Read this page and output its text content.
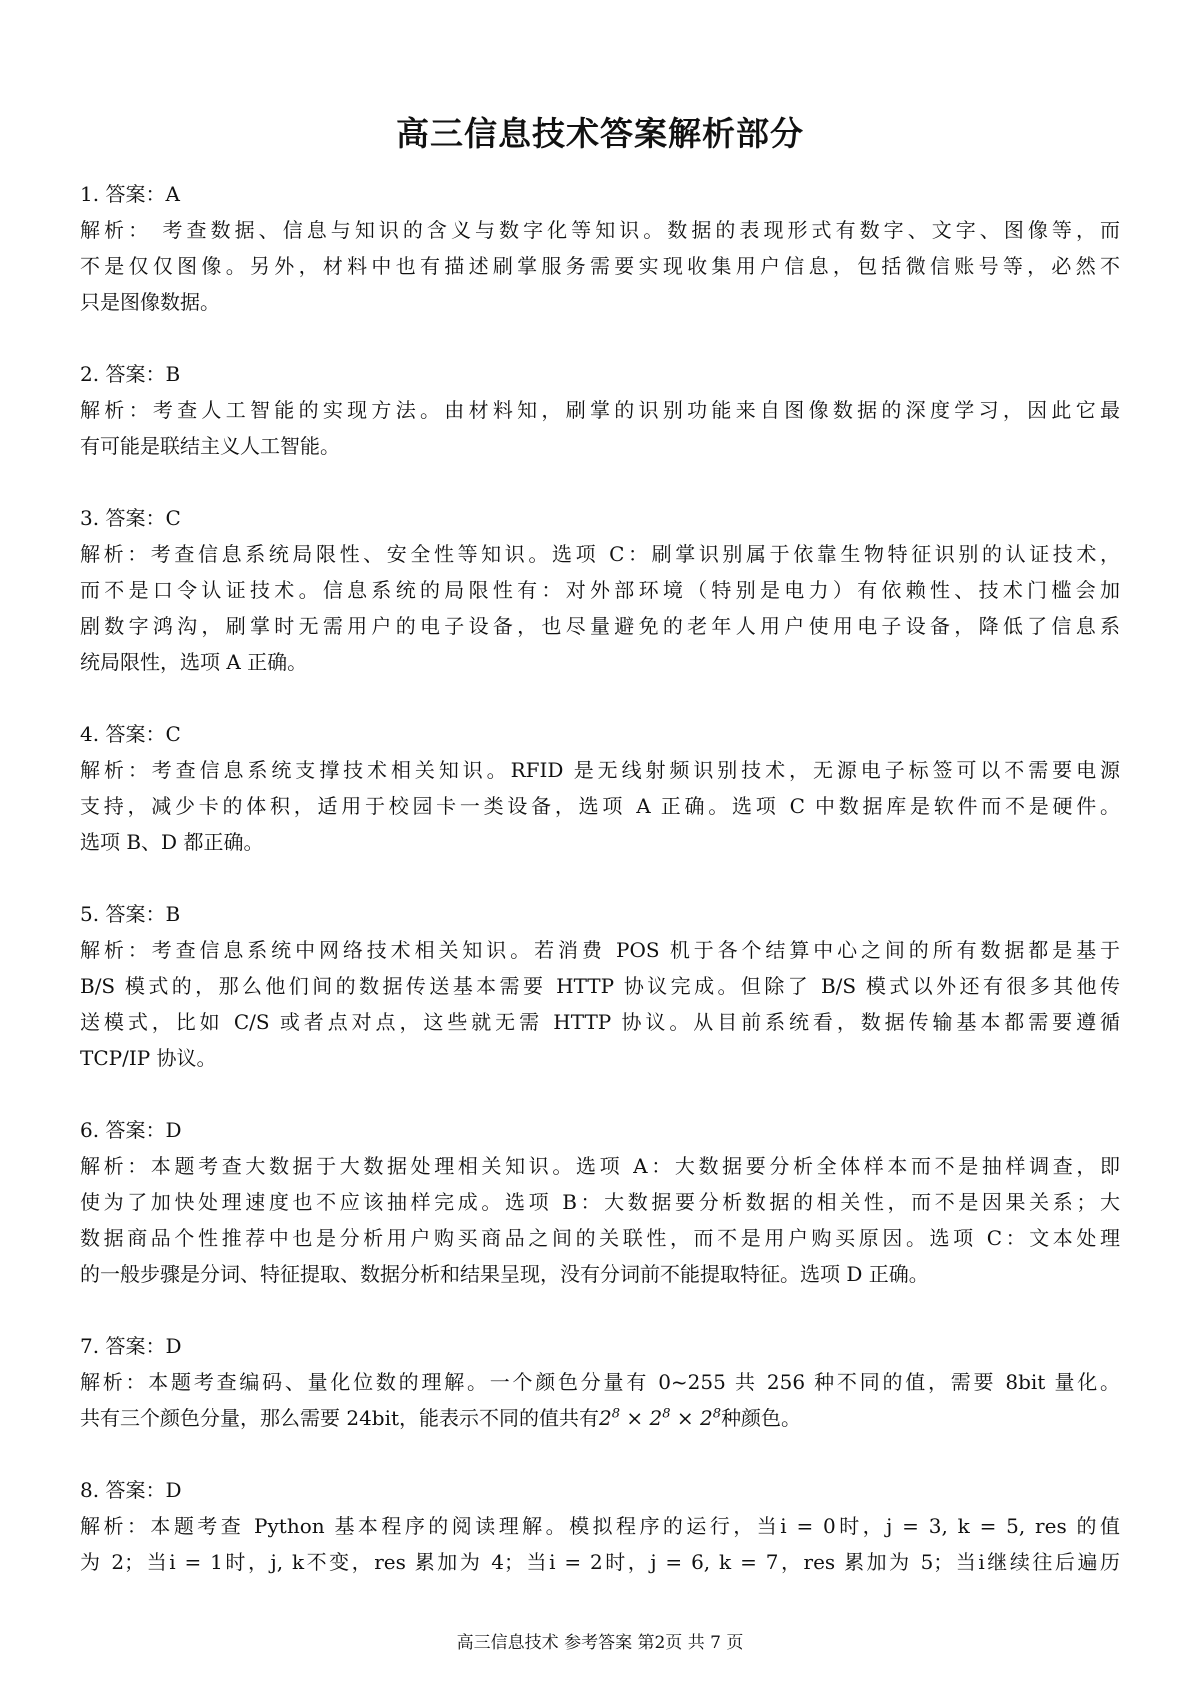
高三信息技术答案解析部分
1. 答案：A
解析： 考查数据、信息与知识的含义与数字化等知识。数据的表现形式有数字、文字、图像等，而
不是仅仅图像。另外，材料中也有描述刷掌服务需要实现收集用户信息，包括微信账号等，必然不
只是图像数据。
2. 答案：B
解析：考查人工智能的实现方法。由材料知，刷掌的识别功能来自图像数据的深度学习，因此它最
有可能是联结主义人工智能。
3. 答案：C
解析：考查信息系统局限性、安全性等知识。选项 C：刷掌识别属于依靠生物特征识别的认证技术，
而不是口令认证技术。信息系统的局限性有：对外部环境（特别是电力）有依赖性、技术门槛会加
剧数字鸿沟，刷掌时无需用户的电子设备，也尽量避免的老年人用户使用电子设备，降低了信息系
统局限性，选项 A 正确。
4. 答案：C
解析：考查信息系统支撑技术相关知识。RFID 是无线射频识别技术，无源电子标签可以不需要电源
支持，减少卡的体积，适用于校园卡一类设备，选项 A 正确。选项 C 中数据库是软件而不是硬件。
选项 B、D 都正确。
5. 答案：B
解析：考查信息系统中网络技术相关知识。若消费 POS 机于各个结算中心之间的所有数据都是基于
B/S 模式的，那么他们间的数据传送基本需要 HTTP 协议完成。但除了 B/S 模式以外还有很多其他传
送模式，比如 C/S 或者点对点，这些就无需 HTTP 协议。从目前系统看，数据传输基本都需要遵循
TCP/IP 协议。
6. 答案：D
解析：本题考查大数据于大数据处理相关知识。选项 A：大数据要分析全体样本而不是抽样调查，即
使为了加快处理速度也不应该抽样完成。选项 B：大数据要分析数据的相关性，而不是因果关系；大
数据商品个性推荐中也是分析用户购买商品之间的关联性，而不是用户购买原因。选项 C：文本处理
的一般步骤是分词、特征提取、数据分析和结果呈现，没有分词前不能提取特征。选项 D 正确。
7. 答案：D
解析：本题考查编码、量化位数的理解。一个颜色分量有 0~255 共 256 种不同的值，需要 8bit 量化。
共有三个颜色分量，那么需要 24bit，能表示不同的值共有$2^8 \times 2^8 \times 2^8$种颜色。
8. 答案：D
解析：本题考查 Python 基本程序的阅读理解。模拟程序的运行，当i = 0时，j = 3, k = 5, res 的值
为 2；当i = 1时，j, k不变，res 累加为 4；当i = 2时，j = 6, k = 7，res 累加为 5；当i继续往后遍历
高三信息技术 参考答案 第2页 共 7 页
